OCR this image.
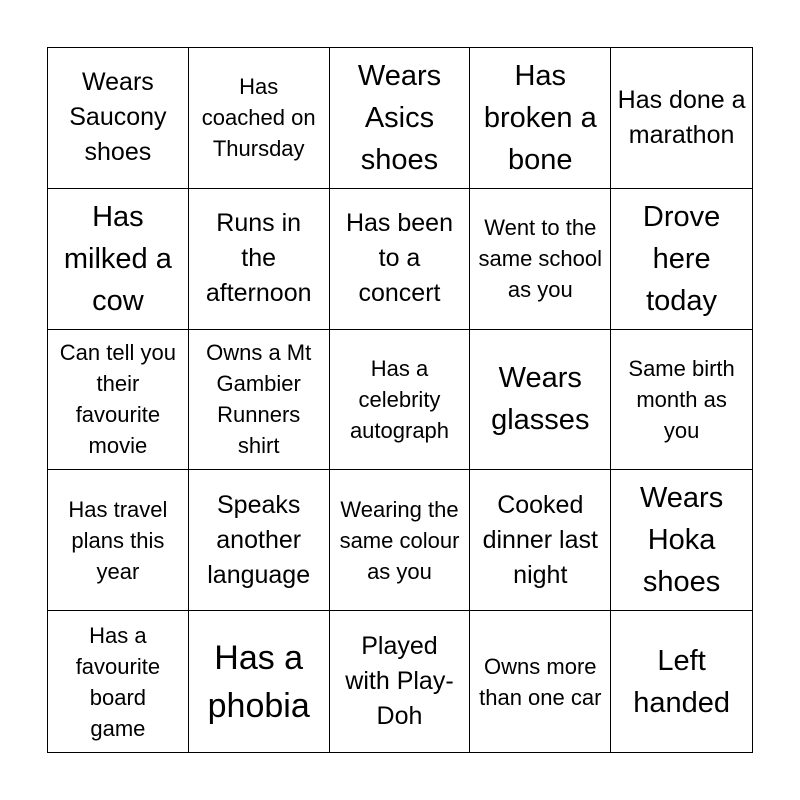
Wears Saucony shoes
Has coached on Thursday
Wears Asics shoes
Has broken a bone
Has done a marathon
Has milked a cow
Runs in the afternoon
Has been to a concert
Went to the same school as you
Drove here today
Can tell you their favourite movie
Owns a Mt Gambier Runners shirt
Has a celebrity autograph
Wears glasses
Same birth month as you
Has travel plans this year
Speaks another language
Wearing the same colour as you
Cooked dinner last night
Wears Hoka shoes
Has a favourite board game
Has a phobia
Played with Play-Doh
Owns more than one car
Left handed
